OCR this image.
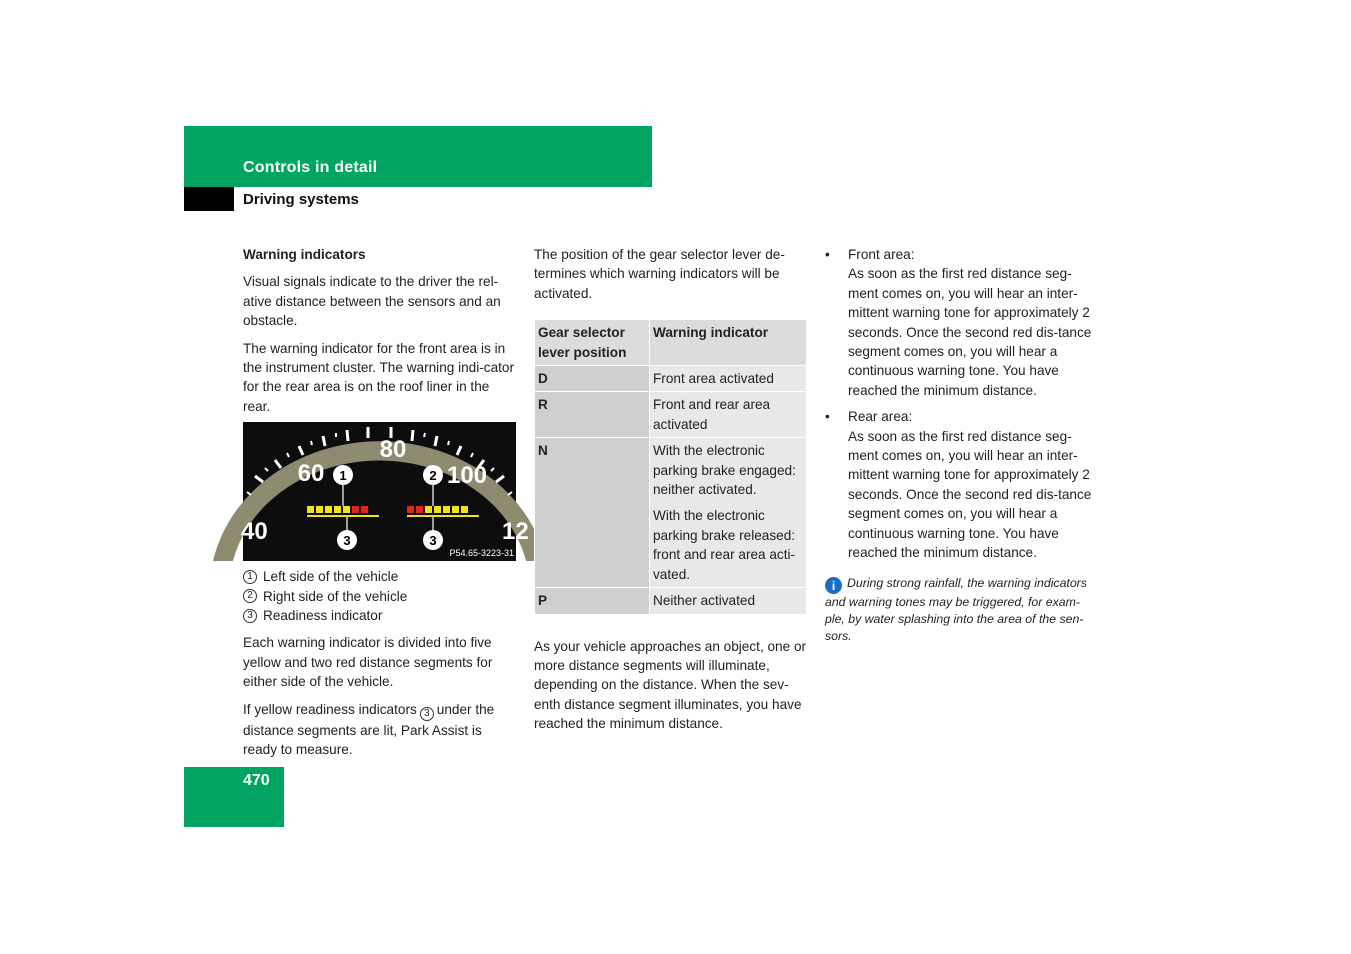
Controls in detail
Driving systems

Warning indicators

Visual signals indicate to the driver the rel-ative distance between the sensors and an obstacle.

The warning indicator for the front area is in the instrument cluster. The warning indi-cator for the rear area is on the roof liner in the rear.

80
60	100
40	12
1	2
3	3
P54.65-3223-31
1 Left side of the vehicle
2 Right side of the vehicle
3 Readiness indicator

Each warning indicator is divided into five yellow and two red distance segments for either side of the vehicle.

If yellow readiness indicators 3 under the distance segments are lit, Park Assist is ready to measure.

The position of the gear selector lever de-termines which warning indicators will be activated.

Gear selector lever position	Warning indicator
D	Front area activated
R	Front and rear area activated
N	With the electronic parking brake engaged: neither activated.
With the electronic parking brake released: front and rear area acti-vated.

P	Neither activated

As your vehicle approaches an object, one or more distance segments will illuminate, depending on the distance. When the sev-enth distance segment illuminates, you have reached the minimum distance.

•	Front area:
As soon as the first red distance seg-ment comes on, you will hear an inter-mittent warning tone for approximately 2 seconds. Once the second red dis-tance segment comes on, you will hear a continuous warning tone. You have reached the minimum distance.
•	Rear area:
As soon as the first red distance seg-ment comes on, you will hear an inter-mittent warning tone for approximately 2 seconds. Once the second red dis-tance segment comes on, you will hear a continuous warning tone. You have reached the minimum distance.
i During strong rainfall, the warning indicators and warning tones may be triggered, for exam-ple, by water splashing into the area of the sen-sors.
470
